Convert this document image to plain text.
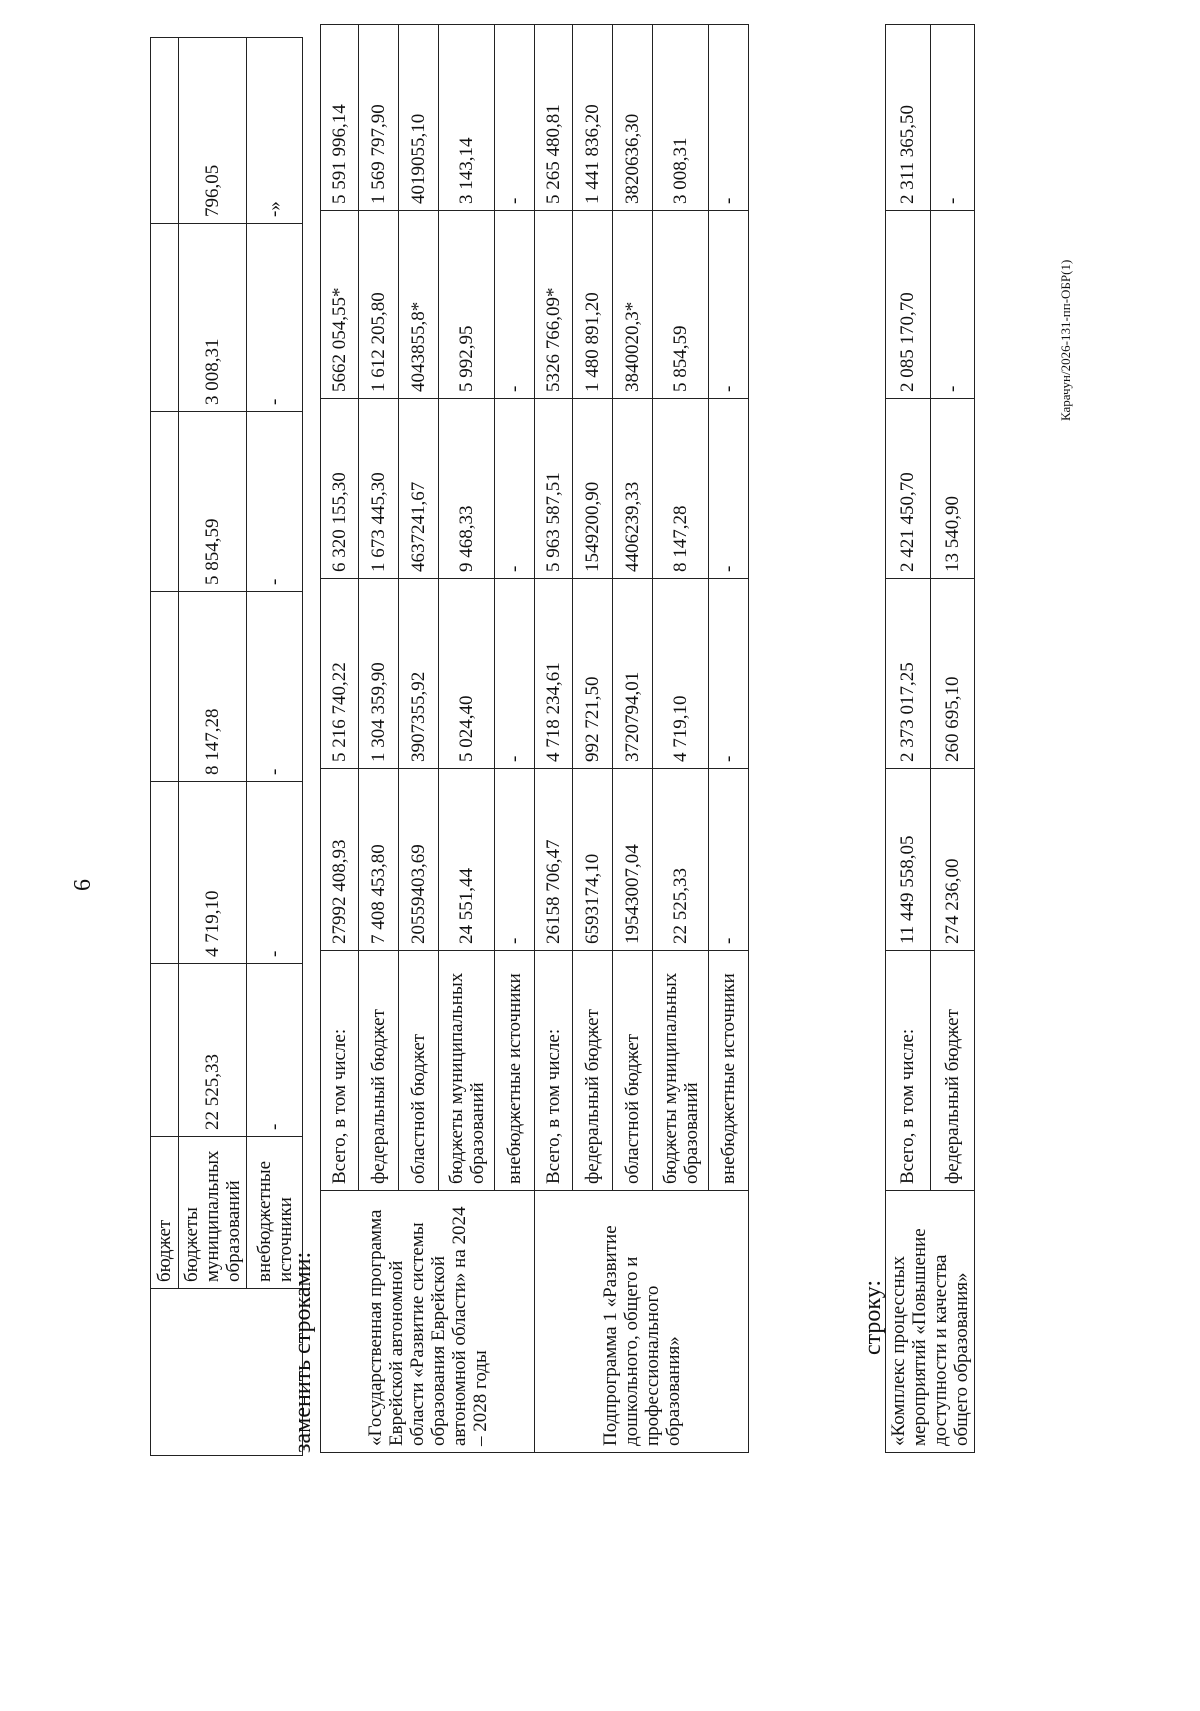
6
	бюджет						
	бюджеты муниципальных образований	22 525,33	4 719,10	8 147,28	5 854,59	3 008,31	796,05
	внебюджетные источники	-	-	-	-	-	-»
заменить строками:	«Государственная программа Еврейской автономной области «Развитие системы образования Еврейской автономной области» на 2024 – 2028 годы	Всего, в том числе:	27992 408,93	5 216 740,22	6 320 155,30	5662 054,55*	5 591 996,14	
	федеральный бюджет	7 408 453,80	1 304 359,90	1 673 445,30	1 612 205,80	1 569 797,90	
	областной бюджет	20559403,69	3907355,92	4637241,67	4043855,8*	4019055,10	
	бюджеты муниципальных образований	24 551,44	5 024,40	9 468,33	5 992,95	3 143,14	
	внебюджетные источники	-	-	-	-	-	
Подпрограмма 1 «Развитие дошкольного, общего и профессионального образования»	Всего, в том числе:	26158 706,47	4 718 234,61	5 963 587,51	5326 766,09*	5 265 480,81	
	федеральный бюджет	6593174,10	992 721,50	1549200,90	1 480 891,20	1 441 836,20	
	областной бюджет	19543007,04	3720794,01	4406239,33	3840020,3*	3820636,30	
	бюджеты муниципальных образований	22 525,33	4 719,10	8 147,28	5 854,59	3 008,31	
	внебюджетные источники	-	-	-	-	-	
строку: «Комплекс процессных мероприятий «Повышение доступности и качества общего образования»	Всего, в том числе:	11 449 558,05	2 373 017,25	2 421 450,70	2 085 170,70	2 311 365,50	
	федеральный бюджет	274 236,00	260 695,10	13 540,90	-	-	
Карачун/2026-131-пп-ОБР(1)
